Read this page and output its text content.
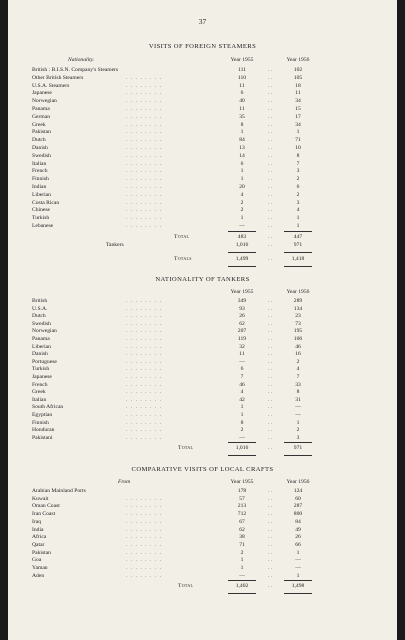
37
VISITS OF FOREIGN STEAMERS
Nationality.	Year 1955	Year 1956
British : B.I.S.N. Company's Steamers	111	. .	102
Other British Steamers	. . . . . . . .	110	. .	105
U.S.A. Steamers	. . . . . . . .	11	. .	18
Japanese	. . . . . . . .	6	. .	11
Norwegian	. . . . . . . .	40	. .	34
Panama	. . . . . . . .	11	. .	15
German	. . . . . . . .	35	. .	17
Greek	. . . . . . . .	8	. .	34
Pakistan	. . . . . . . .	1	. .	1
Dutch	. . . . . . . .	84	. .	71
Danish	. . . . . . . .	13	. .	10
Swedish	. . . . . . . .	14	. .	8
Italian	. . . . . . . .	6	. .	7
French	. . . . . . . .	1	. .	3
Finnish	. . . . . . . .	1	. .	2
Indian	. . . . . . . .	20	. .	6
Liberian	. . . . . . . .	4	. .	2
Costa Rican	. . . . . . . .	2	. .	3
Chinese	. . . . . . . .	2	. .	4
Turkish	. . . . . . . .	1	. .	1
Lebanese	. . . . . . . .	—	. .	1
Total	483	. .	447
Tankers	1,016	. .	971
Totals	1,499	. .	1,418
NATIONALITY OF TANKERS
Year 1955	Year 1956
British	. . . . . . . .	349	. .	289
U.S.A.	. . . . . . . .	93	. .	134
Dutch	. . . . . . . .	26	. .	23
Swedish	. . . . . . . .	62	. .	73
Norwegian	. . . . . . . .	207	. .	195
Panama	. . . . . . . .	119	. .	106
Liberian	. . . . . . . .	32	. .	46
Danish	. . . . . . . .	11	. .	16
Portuguese	. . . . . . . .	—	. .	2
Turkish	. . . . . . . .	6	. .	4
Japanese	. . . . . . . .	7	. .	7
French	. . . . . . . .	46	. .	33
Greek	. . . . . . . .	4	. .	8
Italian	. . . . . . . .	42	. .	31
South African	. . . . . . . .	1	. .	—
Egyptian	. . . . . . . .	1	. .	—
Finnish	. . . . . . . .	8	. .	1
Honduran	. . . . . . . .	2	. .	2
Pakistani	. . . . . . . .	—	. .	3
Total	1,016	. .	971
COMPARATIVE VISITS OF LOCAL CRAFTS
From	Year 1955	Year 1956
Arabian Mainland Ports	178	. .	124
Kuwait	. . . . . . . .	57	. .	60
Oman Coast	. . . . . . . .	213	. .	287
Iran Coast	. . . . . . . .	712	. .	800
Iraq	. . . . . . . .	67	. .	84
India	. . . . . . . .	62	. .	49
Africa	. . . . . . . .	38	. .	26
Qatar	. . . . . . . .	71	. .	66
Pakistan	. . . . . . . .	2	. .	1
Goa	. . . . . . . .	1	. .	—
Yaman	. . . . . . . .	1	. .	—
Aden	. . . . . . . .	—	. .	1
Total	1,402	. .	1,498
